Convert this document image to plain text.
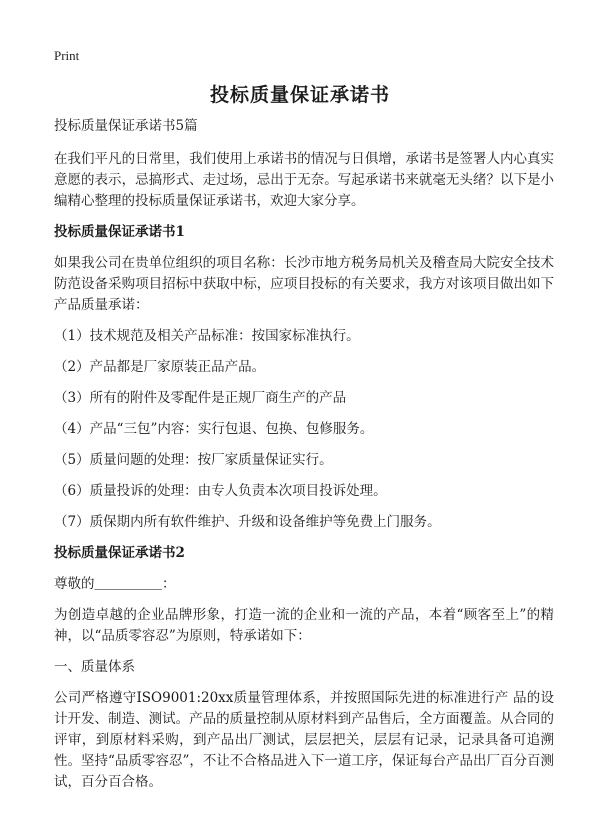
Print
投标质量保证承诺书

投标质量保证承诺书5篇

在我们平凡的日常里，我们使用上承诺书的情况与日俱增，承诺书是签署人内心真实意愿的表示，忌搞形式、走过场，忌出于无奈。写起承诺书来就毫无头绪？以下是小编精心整理的投标质量保证承诺书，欢迎大家分享。

投标质量保证承诺书1

如果我公司在贵单位组织的项目名称：长沙市地方税务局机关及稽查局大院安全技术防范设备采购项目招标中获取中标，应项目投标的有关要求，我方对该项目做出如下产品质量承诺：

（1）技术规范及相关产品标准：按国家标准执行。

（2）产品都是厂家原装正品产品。

（3）所有的附件及零配件是正规厂商生产的产品

（4）产品“三包”内容：实行包退、包换、包修服务。

（5）质量问题的处理：按厂家质量保证实行。

（6）质量投诉的处理：由专人负责本次项目投诉处理。

（7）质保期内所有软件维护、升级和设备维护等免费上门服务。

投标质量保证承诺书2

尊敬的＿＿＿＿＿：

为创造卓越的企业品牌形象，打造一流的企业和一流的产品，本着“顾客至上”的精神，以“品质零容忍”为原则，特承诺如下：

一、质量体系

公司严格遵守ISO9001:20xx质量管理体系，并按照国际先进的标准进行产 品的设计开发、制造、测试。产品的质量控制从原材料到产品售后，全方面覆盖。从合同的评审，到原材料采购，到产品出厂测试，层层把关，层层有记录，记录具备可追溯性。坚持“品质零容忍”，不让不合格品进入下一道工序，保证每台产品出厂百分百测试，百分百合格。
